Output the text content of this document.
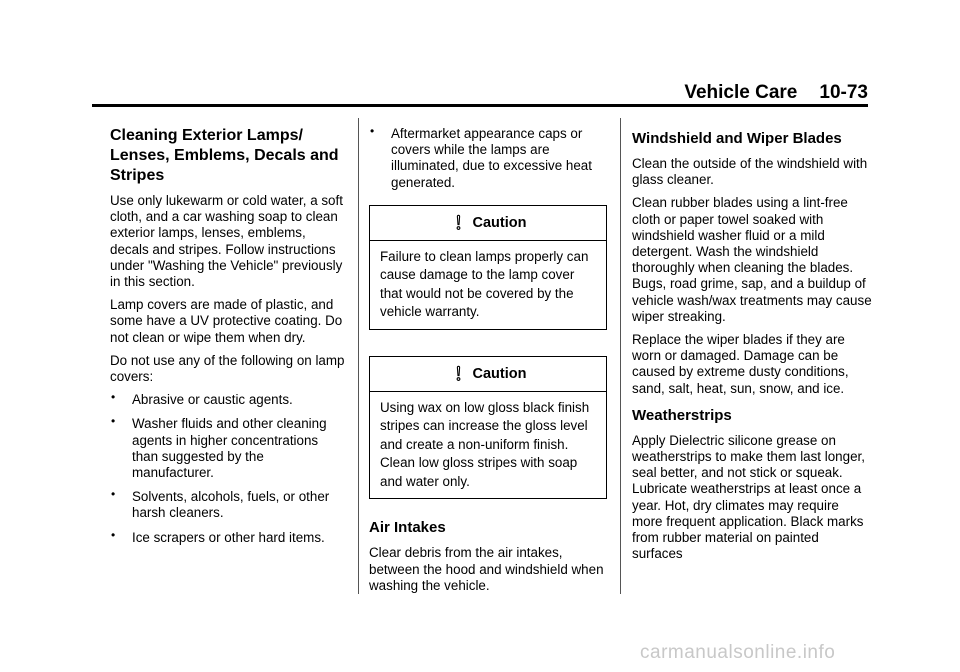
Vehicle Care 10-73
Cleaning Exterior Lamps/
Lenses, Emblems, Decals and
Stripes

Use only lukewarm or cold water, a soft cloth, and a car washing soap to clean exterior lamps, lenses, emblems, decals and stripes. Follow instructions under "Washing the Vehicle" previously in this section.

Lamp covers are made of plastic, and some have a UV protective coating. Do not clean or wipe them when dry.

Do not use any of the following on lamp covers:

• Abrasive or caustic agents.
• Washer fluids and other cleaning agents in higher concentrations than suggested by the manufacturer.
• Solvents, alcohols, fuels, or other harsh cleaners.
• Ice scrapers or other hard items.
• Aftermarket appearance caps or covers while the lamps are illuminated, due to excessive heat generated.
Caution
Failure to clean lamps properly can cause damage to the lamp cover that would not be covered by the vehicle warranty.
Caution
Using wax on low gloss black finish stripes can increase the gloss level and create a non-uniform finish. Clean low gloss stripes with soap and water only.
Air Intakes

Clear debris from the air intakes, between the hood and windshield when washing the vehicle.

Windshield and Wiper Blades

Clean the outside of the windshield with glass cleaner.

Clean rubber blades using a lint-free cloth or paper towel soaked with windshield washer fluid or a mild detergent. Wash the windshield thoroughly when cleaning the blades. Bugs, road grime, sap, and a buildup of vehicle wash/wax treatments may cause wiper streaking.

Replace the wiper blades if they are worn or damaged. Damage can be caused by extreme dusty conditions, sand, salt, heat, sun, snow, and ice.

Weatherstrips

Apply Dielectric silicone grease on weatherstrips to make them last longer, seal better, and not stick or squeak. Lubricate weatherstrips at least once a year. Hot, dry climates may require more frequent application. Black marks from rubber material on painted surfaces

carmanualsonline.info
